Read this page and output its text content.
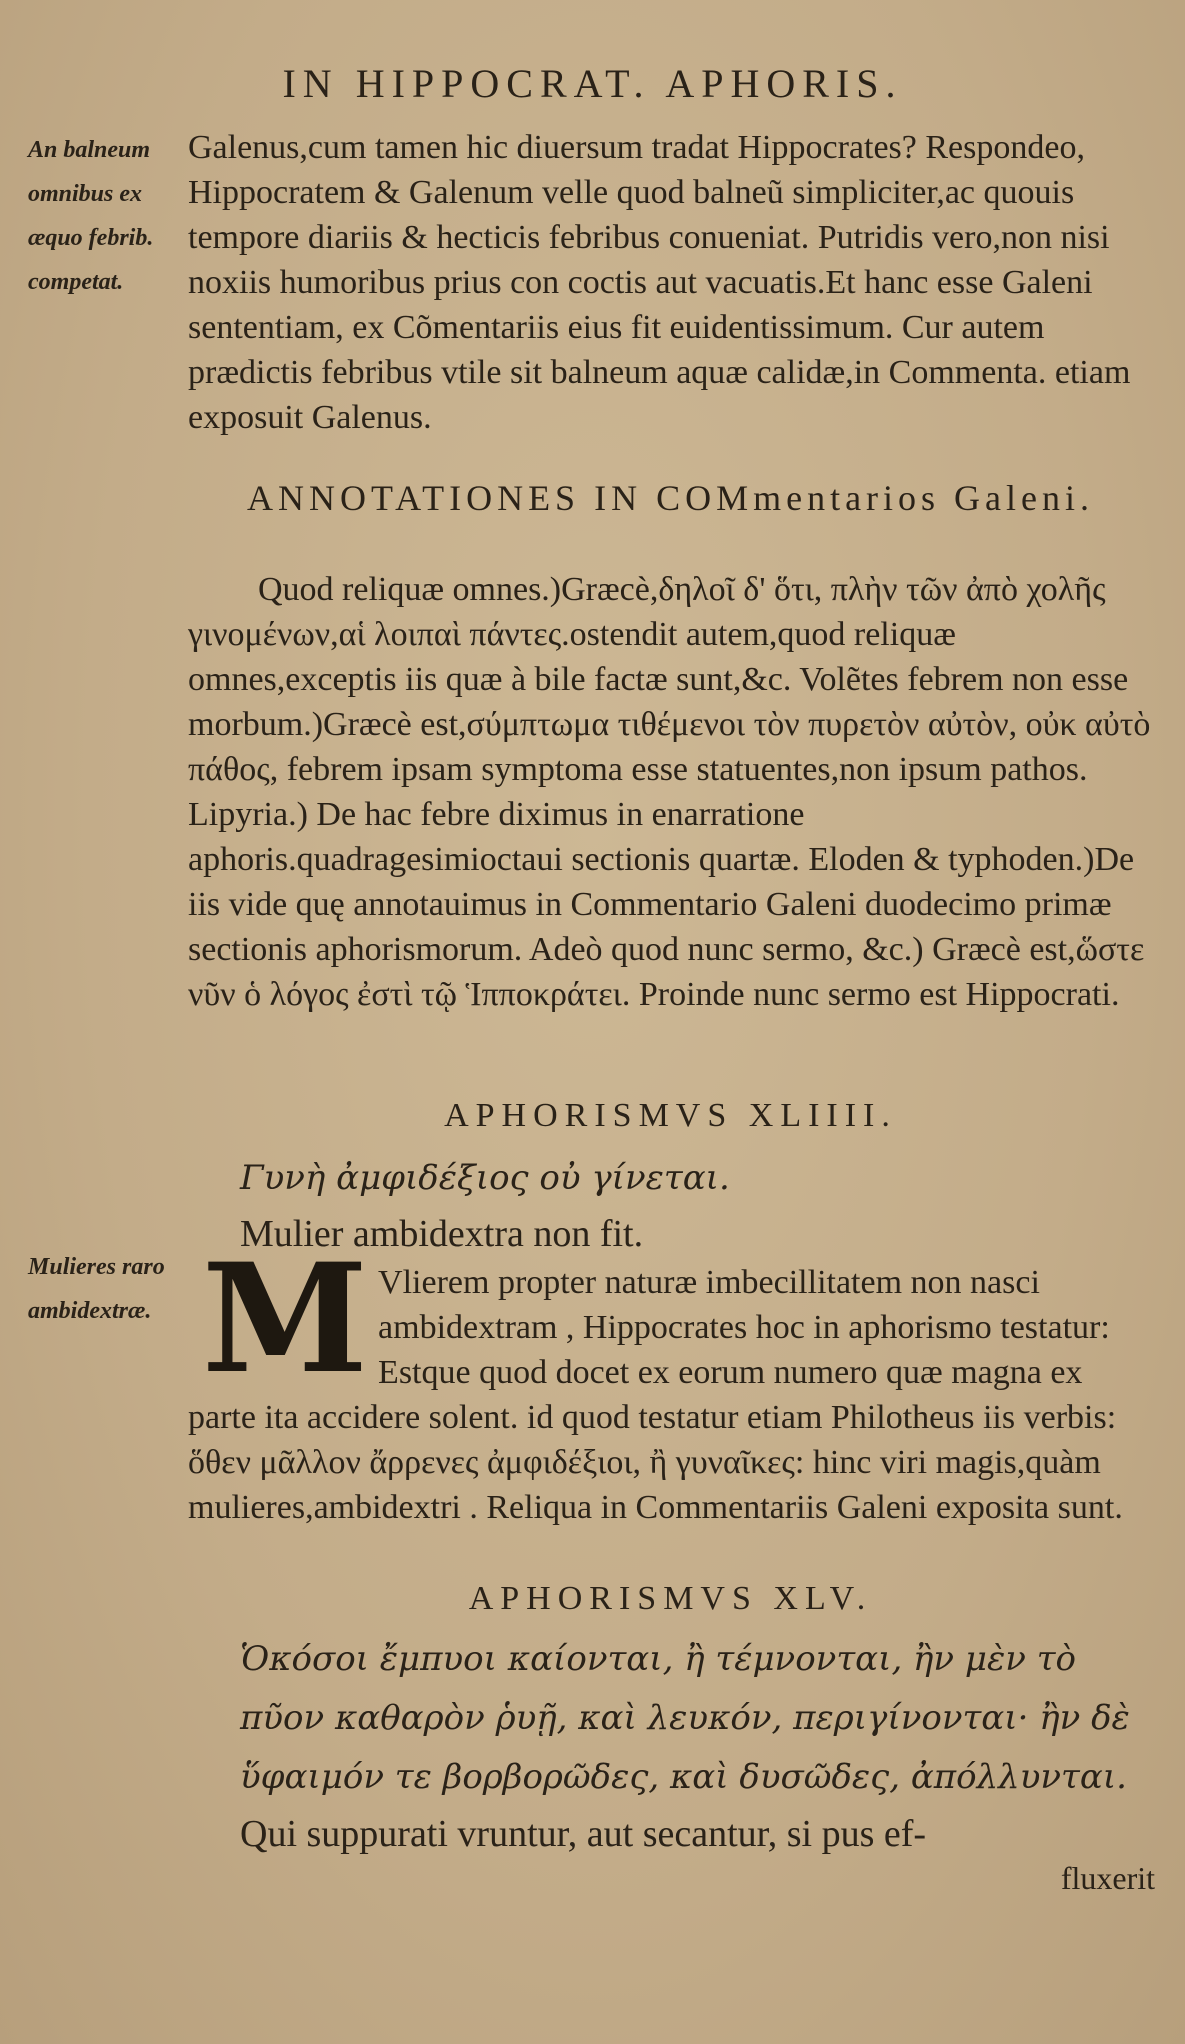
IN HIPPOCRAT. APHORIS.
An balneum omnibus ex æquo febrib. competat.
Galenus,cum tamen hic diuersum tradat Hippocrates? Respondeo, Hippocratem & Galenum velle quod balneũ simpliciter,ac quouis tempore diariis & hecticis febribus conueniat. Putridis vero,non nisi noxiis humoribus prius con coctis aut vacuatis.Et hanc esse Galeni sententiam, ex Cõmentariis eius fit euidentissimum. Cur autem prædictis febribus vtile sit balneum aquæ calidæ,in Commenta. etiam exposuit Galenus.
ANNOTATIONES IN COMmentarios Galeni.
Quod reliquæ omnes.)Græcè,δηλοῖ δ' ὅτι, πλὴν τῶν ἀπὸ χολῆς γινομένων,αἱ λοιπαὶ πάντες.ostendit autem,quod reliquæ omnes,exceptis iis quæ à bile factæ sunt,&c. Volẽtes febrem non esse morbum.)Græcè est,σύμπτωμα τιθέμενοι τὸν πυρετὸν αὐτὸν, οὐκ αὐτὸ πάθος, febrem ipsam symptoma esse statuentes,non ipsum pathos. Lipyria.) De hac febre diximus in enarratione aphoris.quadragesimioctaui sectionis quartæ. Eloden & typhoden.)De iis vide quę annotauimus in Commentario Galeni duodecimo primæ sectionis aphorismorum. Adeò quod nunc sermo, &c.) Græcè est,ὥστε νῦν ὁ λόγος ἐστὶ τῷ Ἱπποκράτει. Proinde nunc sermo est Hippocrati.
APHORISMVS XLIIII.
Γυνὴ ἀμφιδέξιος οὐ γίνεται.
Mulier ambidextra non fit.
Mulieres raro ambidextræ. M Vlierem propter naturæ imbecillitatem non nasci ambidextram , Hippocrates hoc in aphorismo testatur: Estque quod docet ex eorum numero quæ magna ex parte ita accidere solent. id quod testatur etiam Philotheus iis verbis: ὅθεν μᾶλλον ἄρρενες ἀμφιδέξιοι, ἢ γυναῖκες: hinc viri magis,quàm mulieres,ambidextri . Reliqua in Commentariis Galeni exposita sunt.
APHORISMVS XLV.
Ὁκόσοι ἔμπυοι καίονται, ἢ τέμνονται, ἢν μὲν τὸ πῦον καθαρὸν ῥυῇ, καὶ λευκόν, περιγίνονται· ἢν δὲ ὕφαιμόν τε βορβορῶδες, καὶ δυσῶδες, ἀπόλλυνται.
Qui suppurati vruntur, aut secantur, si pus ef-
fluxerit
